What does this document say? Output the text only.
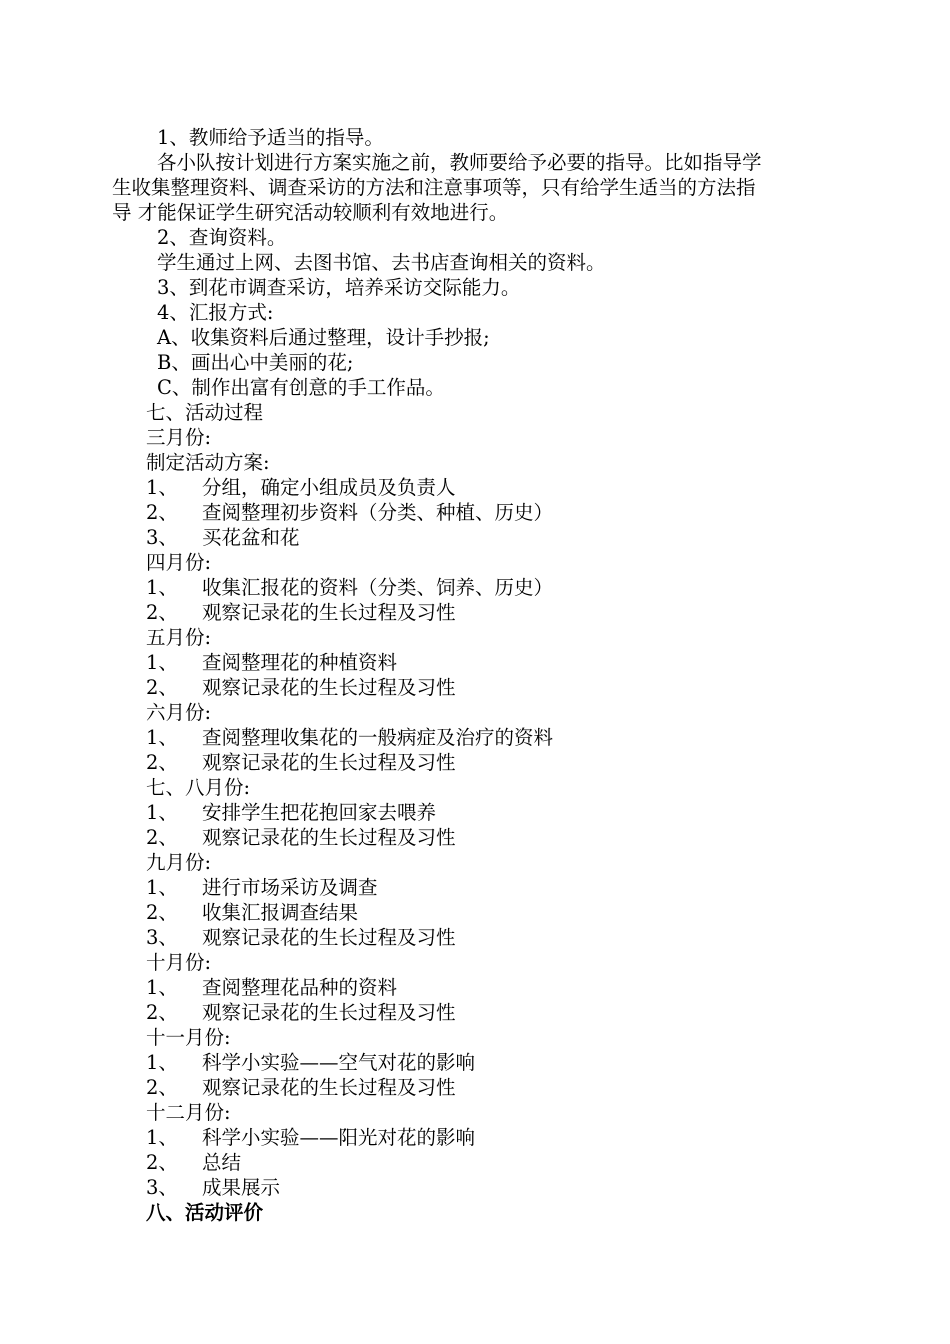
1、教师给予适当的指导。
各小队按计划进行方案实施之前，教师要给予必要的指导。比如指导学
生收集整理资料、调查采访的方法和注意事项等，只有给学生适当的方法指
导 才能保证学生研究活动较顺利有效地进行。
2、查询资料。
学生通过上网、去图书馆、去书店查询相关的资料。
3、到花市调查采访，培养采访交际能力。
4、汇报方式:
A、收集资料后通过整理，设计手抄报;
B、画出心中美丽的花;
C、制作出富有创意的手工作品。
七、活动过程
三月份:
制定活动方案:
1、 分组，确定小组成员及负责人
2、 查阅整理初步资料（分类、种植、历史）
3、 买花盆和花
四月份:
1、 收集汇报花的资料（分类、饲养、历史）
2、 观察记录花的生长过程及习性
五月份:
1、 查阅整理花的种植资料
2、 观察记录花的生长过程及习性
六月份:
1、 查阅整理收集花的一般病症及治疗的资料
2、 观察记录花的生长过程及习性
七、八月份:
1、 安排学生把花抱回家去喂养
2、 观察记录花的生长过程及习性
九月份:
1、 进行市场采访及调查
2、 收集汇报调查结果
3、 观察记录花的生长过程及习性
十月份:
1、 查阅整理花品种的资料
2、 观察记录花的生长过程及习性
十一月份:
1、 科学小实验——空气对花的影响
2、 观察记录花的生长过程及习性
十二月份:
1、 科学小实验——阳光对花的影响
2、 总结
3、 成果展示
八、活动评价
